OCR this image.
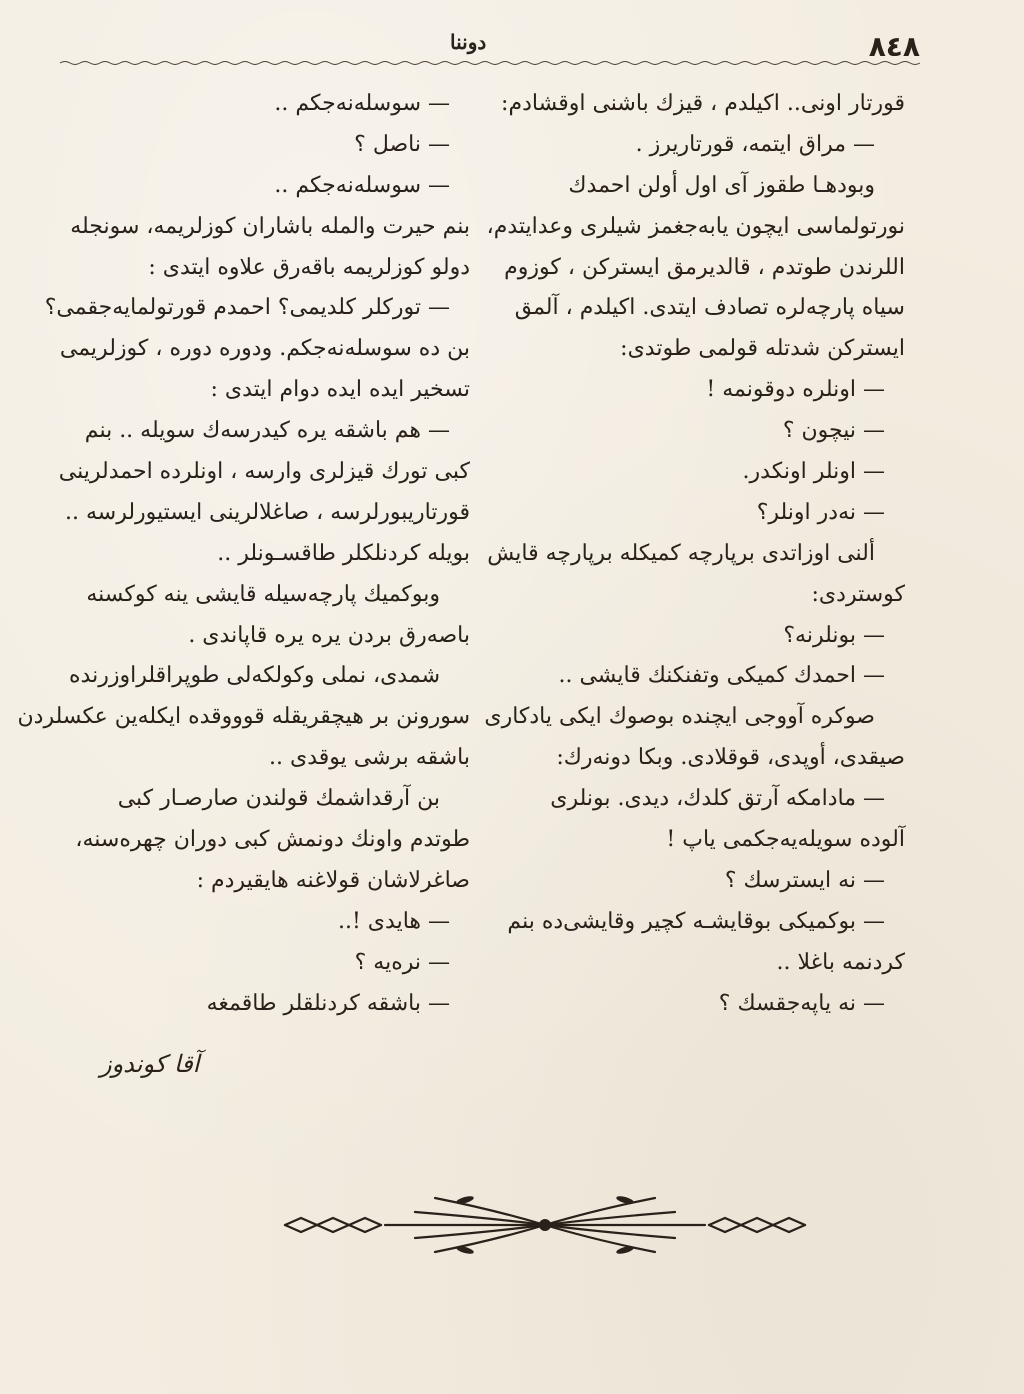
دوننا	٨٤٨
قورتار اونی.. اکیلدم ، قیزك باشنی اوقشادم:
— مراق ایتمه، قورتاریرز .
وبودهـا طقوز آی اول أولن احمدك
نورتولماسی ایچون یابه‌جغمز شیلری وعدایتدم،
اللرندن طوتدم ، قالدیرمق ایسترکن ، کوزوم
سیاه پارچه‌لره تصادف ایتدی. اکیلدم ، آلمق
ایسترکن شدتله قولمی طوتدی:
— اونلره دوقونمه !
— نیچون ؟
— اونلر اونکدر.
— نه‌در اونلر؟
ألنی اوزاتدی برپارچه کمیکله برپارچه قایش
کوستردی:
— بونلرنه؟
— احمدك کمیکی وتفنکنك قایشی ..
صوکره آووجی ایچنده بوصوك ایکی یادکاری
صیقدی، أوپدی، قوقلادی. وبکا دونه‌رك:
— مادامکه آرتق کلدك، دیدی. بونلری
آلوده سویله‌یه‌جکمی یاپ !
— نه ایسترسك ؟
— بوکمیکی بوقایشـه کچیر وقایشی‌ده بنم
کردنمه باغلا ..
— نه یاپه‌جقسك ؟
— سوسله‌نه‌جکم ..
— ناصل ؟
— سوسله‌نه‌جکم ..
بنم حیرت والمله باشاران کوزلریمه، سونجله
دولو کوزلریمه باقه‌رق علاوه ایتدی :
— تورکلر کلدیمی؟ احمدم قورتولمایه‌جقمی؟
بن ده سوسله‌نه‌جکم. ودوره دوره ، کوزلریمی
تسخیر ایده ایده دوام ایتدی :
— هم باشقه یره کیدرسه‌ك سویله .. بنم
کبی تورك قیزلری وارسه ، اونلرده احمدلرینی
قورتاریبورلرسه ، صاغلالرینی ایستیورلرسه ..
بویله کردنلکلر طاقسـونلر ..
وبوکمیك پارچه‌سیله قایشی ینه کوکسنه
باصه‌رق بردن یره یره قاپاندی .
شمدی، نملی وکولکه‌لی طوپراقلراوزرنده
سورونن بر هیچقریقله قوووقده ایکله‌ین عکسلردن
باشقه برشی یوقدی ..
بن آرقداشمك قولندن صارصـار کبی
طوتدم واونك دونمش کبی دوران چهره‌سنه،
صاغرلاشان قولاغنه هایقیردم :
— هایدی !..
— نره‌یه ؟
— باشقه کردنلقلر طاقمغه
آقا کوندوز
